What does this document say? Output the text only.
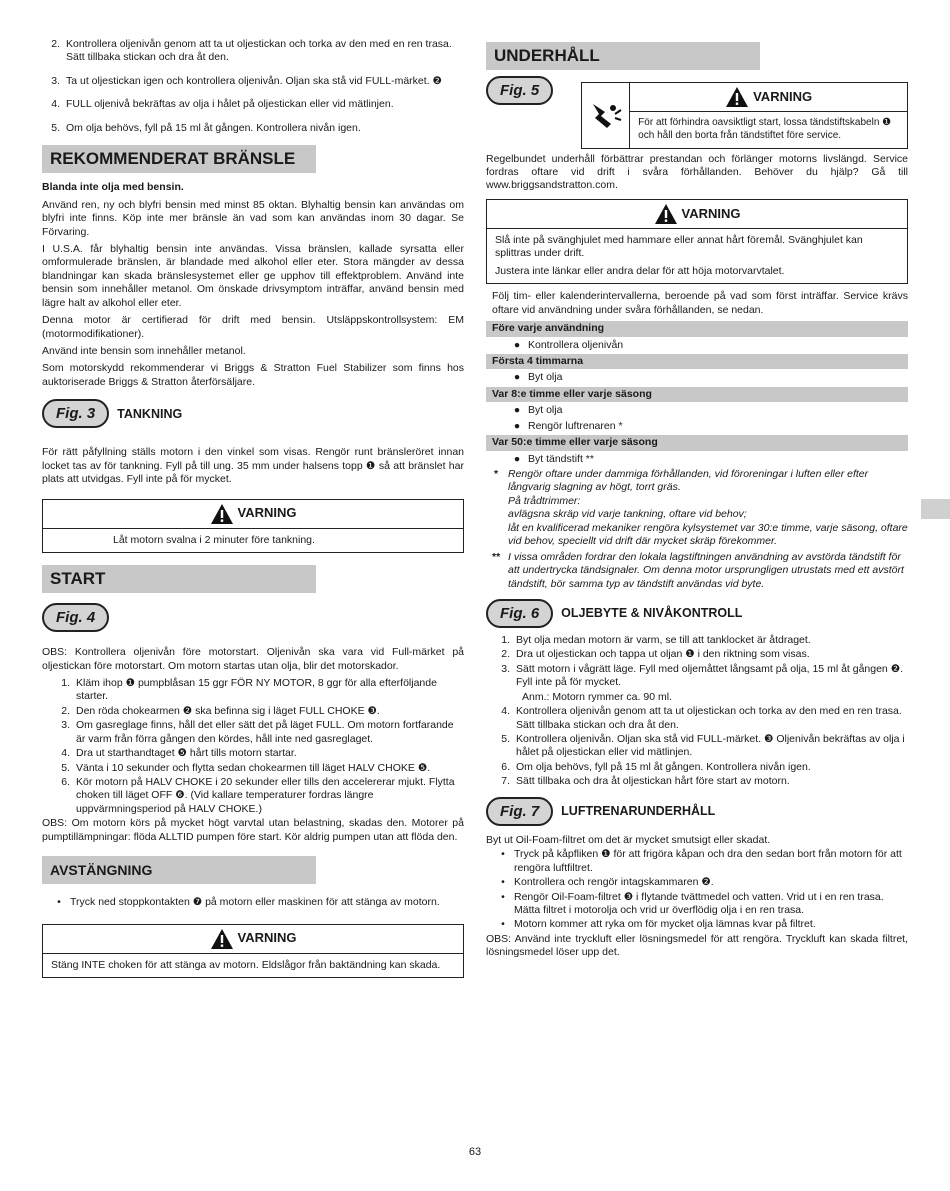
2. Kontrollera oljenivån genom att ta ut oljestickan och torka av den med en ren trasa. Sätt tillbaka stickan och dra åt den.
3. Ta ut oljestickan igen och kontrollera oljenivån. Oljan ska stå vid FULL-märket. ❷
4. FULL oljenivå bekräftas av olja i hålet på oljestickan eller vid mätlinjen.
5. Om olja behövs, fyll på 15 ml åt gången. Kontrollera nivån igen.
REKOMMENDERAT BRÄNSLE
Blanda inte olja med bensin.
Använd ren, ny och blyfri bensin med minst 85 oktan. Blyhaltig bensin kan användas om blyfri inte finns. Köp inte mer bränsle än vad som kan användas inom 30 dagar. Se Förvaring.
I U.S.A. får blyhaltig bensin inte användas. Vissa bränslen, kallade syrsatta eller omformulerade bränslen, är blandade med alkohol eller eter. Stora mängder av dessa blandningar kan skada bränslesystemet eller ge upphov till effektproblem. Använd inte bensin som innehåller metanol. Om önskade drivsymptom inträffar, använd bensin med lägre halt av alkohol eller eter.
Denna motor är certifierad för drift med bensin. Utsläppskontrollsystem: EM (motormodifikationer).
Använd inte bensin som innehåller metanol.
Som motorskydd rekommenderar vi Briggs & Stratton Fuel Stabilizer som finns hos auktoriserade Briggs & Stratton återförsäljare.
Fig. 3	TANKNING
För rätt påfyllning ställs motorn i den vinkel som visas. Rengör runt bränsleröret innan locket tas av för tankning. Fyll på till ung. 35 mm under halsens topp ❶ så att bränslet har plats att utvidgas. Fyll inte på för mycket.
VARNING
Låt motorn svalna i 2 minuter före tankning.
START
Fig. 4
OBS: Kontrollera oljenivån före motorstart. Oljenivån ska vara vid Full-märket på oljestickan före motorstart. Om motorn startas utan olja, blir det motorskador.
1. Kläm ihop ❶ pumpblåsan 15 ggr FÖR NY MOTOR, 8 ggr för alla efterföljande starter.
2. Den röda chokearmen ❷ ska befinna sig i läget FULL CHOKE ❸.
3. Om gasreglage finns, håll det eller sätt det på läget FULL. Om motorn fortfarande är varm från förra gången den kördes, håll inte ned gasreglaget.
4. Dra ut starthandtaget ❺ hårt tills motorn startar.
5. Vänta i 10 sekunder och flytta sedan chokearmen till läget HALV CHOKE ❺.
6. Kör motorn på HALV CHOKE i 20 sekunder eller tills den accelererar mjukt. Flytta choken till läget OFF ❻. (Vid kallare temperaturer fordras längre uppvärmningsperiod på HALV CHOKE.)
OBS: Om motorn körs på mycket högt varvtal utan belastning, skadas den. Motorer på pumptillämpningar: flöda ALLTID pumpen före start. Kör aldrig pumpen utan att flöda den.
AVSTÄNGNING
• Tryck ned stoppkontakten ❼ på motorn eller maskinen för att stänga av motorn.
VARNING
Stäng INTE choken för att stänga av motorn. Eldslågor från baktändning kan skada.
UNDERHÅLL
Fig. 5	VARNING
För att förhindra oavsiktligt start, lossa tändstiftskabeln ❶ och håll den borta från tändstiftet före service.
Regelbundet underhåll förbättrar prestandan och förlänger motorns livslängd. Service fordras oftare vid drift i svåra förhållanden. Behöver du hjälp? Gå till www.briggsandstratton.com.
VARNING
Slå inte på svänghjulet med hammare eller annat hårt föremål. Svänghjulet kan splittras under drift.
Justera inte länkar eller andra delar för att höja motorvarvtalet.
Följ tim- eller kalenderintervallerna, beroende på vad som först inträffar. Service krävs oftare vid användning under svåra förhållanden, se nedan.
Före varje användning
● Kontrollera oljenivån
Första 4 timmarna
● Byt olja
Var 8:e timme eller varje säsong
● Byt olja
● Rengör luftrenaren *
Var 50:e timme eller varje säsong
● Byt tändstift **
* Rengör oftare under dammiga förhållanden, vid föroreningar i luften eller efter långvarig slagning av högt, torrt gräs.
På trådtrimmer:
avlägsna skräp vid varje tankning, oftare vid behov;
låt en kvalificerad mekaniker rengöra kylsystemet var 30:e timme, varje säsong, oftare vid behov, speciellt vid drift där mycket skräp förekommer.
** I vissa områden fordrar den lokala lagstiftningen användning av avstörda tändstift för att undertrycka tändsignaler. Om denna motor ursprungligen utrustats med ett avstört tändstift, bör samma typ av tändstift användas vid byte.
Fig. 6	OLJEBYTE & NIVÅKONTROLL
1. Byt olja medan motorn är varm, se till att tanklocket är åtdraget.
2. Dra ut oljestickan och tappa ut oljan ❶ i den riktning som visas.
3. Sätt motorn i vågrätt läge. Fyll med oljemåttet långsamt på olja, 15 ml åt gången ❷. Fyll inte på för mycket.
Anm.: Motorn rymmer ca. 90 ml.
4. Kontrollera oljenivån genom att ta ut oljestickan och torka av den med en ren trasa. Sätt tillbaka stickan och dra åt den.
5. Kontrollera oljenivån. Oljan ska stå vid FULL-märket. ❸ Oljenivån bekräftas av olja i hålet på oljestickan eller vid mätlinjen.
6. Om olja behövs, fyll på 15 ml åt gången. Kontrollera nivån igen.
7. Sätt tillbaka och dra åt oljestickan hårt före start av motorn.
Fig. 7	LUFTRENARUNDERHÅLL
Byt ut Oil-Foam-filtret om det är mycket smutsigt eller skadat.
• Tryck på kåpfliken ❶ för att frigöra kåpan och dra den sedan bort från motorn för att rengöra luftfiltret.
• Kontrollera och rengör intagskammaren ❷.
• Rengör Oil-Foam-filtret ❸ i flytande tvättmedel och vatten. Vrid ut i en ren trasa. Mätta filtret i motorolja och vrid ur överflödig olja i en ren trasa.
• Motorn kommer att ryka om för mycket olja lämnas kvar på filtret.
OBS: Använd inte tryckluft eller lösningsmedel för att rengöra. Tryckluft kan skada filtret, lösningsmedel löser upp det.
63
